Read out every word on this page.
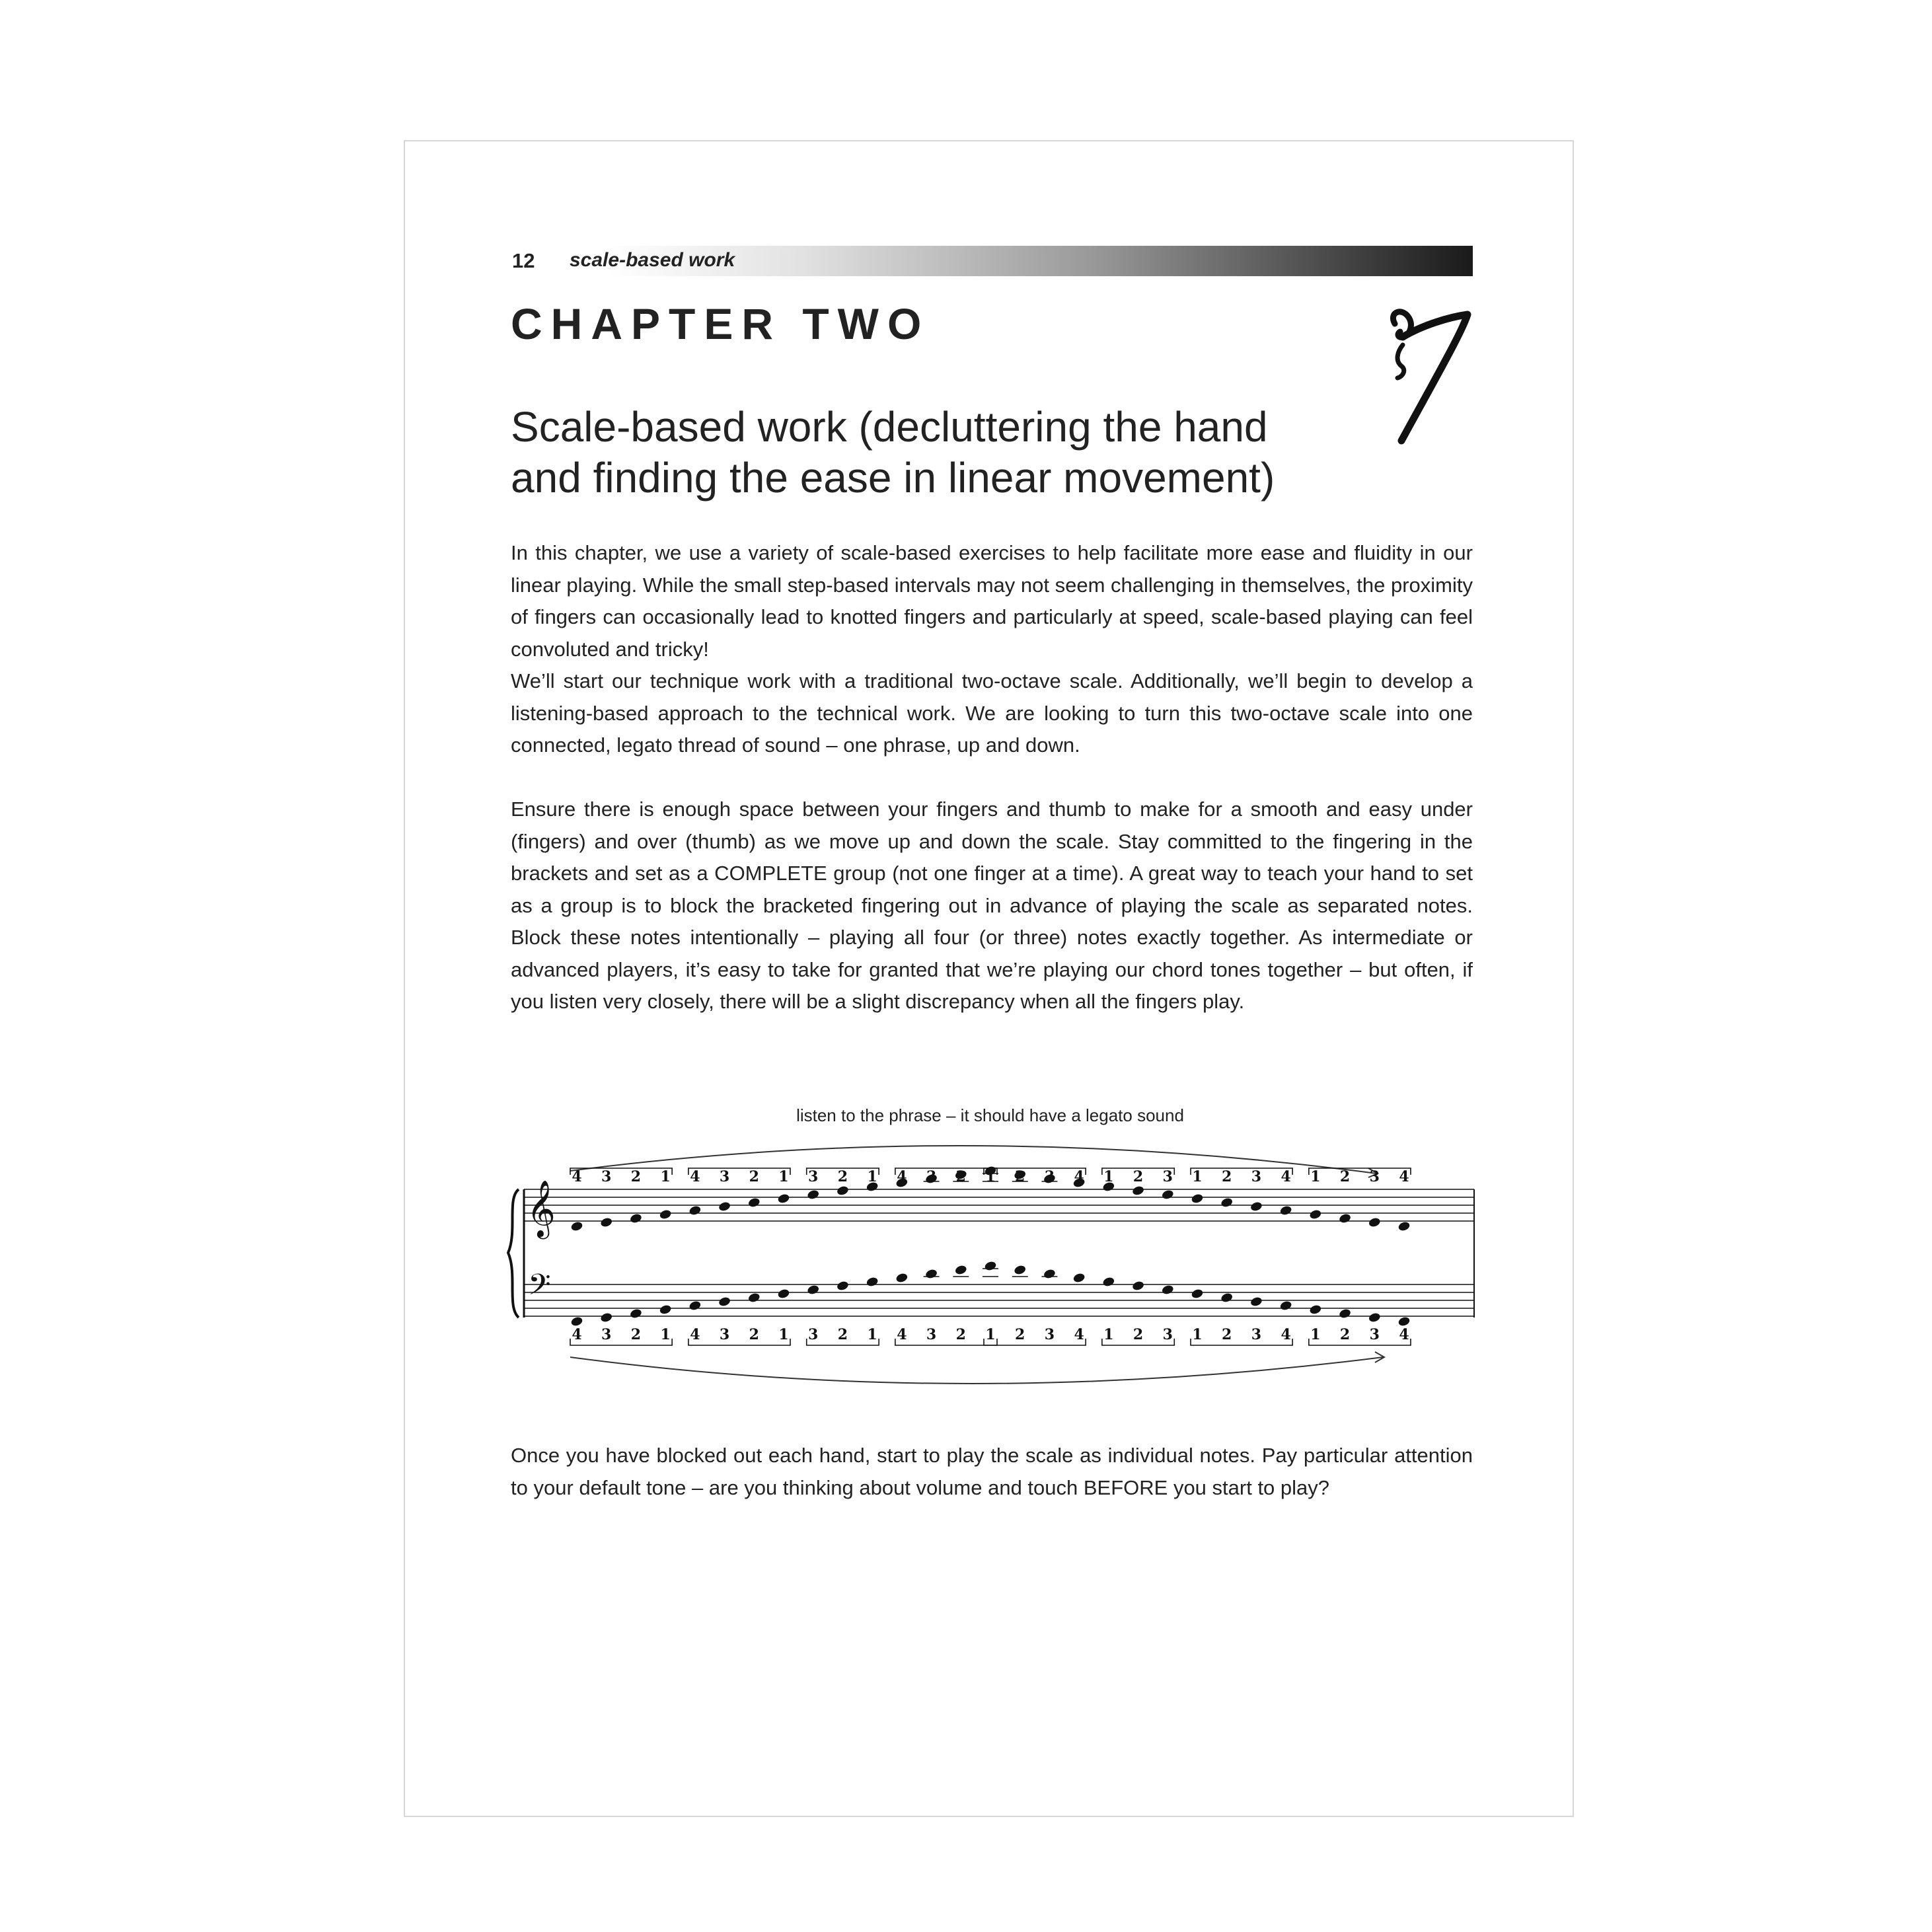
12 scale-based work
CHAPTER TWO
Scale-based work (decluttering the hand
and finding the ease in linear movement)

In this chapter, we use a variety of scale-based exercises to help facilitate more ease and fluidity in our linear playing. While the small step-based intervals may not seem challenging in themselves, the proximity of fingers can occasionally lead to knotted fingers and particularly at speed, scale-based playing can feel convoluted and tricky!

We’ll start our technique work with a traditional two-octave scale. Additionally, we’ll begin to develop a listening-based approach to the technical work. We are looking to turn this two-octave scale into one connected, legato thread of sound – one phrase, up and down.

Ensure there is enough space between your fingers and thumb to make for a smooth and easy under (fingers) and over (thumb) as we move up and down the scale. Stay committed to the fingering in the brackets and set as a COMPLETE group (not one finger at a time). A great way to teach your hand to set as a group is to block the bracketed fingering out in advance of playing the scale as separated notes. Block these notes intentionally – playing all four (or three) notes exactly together. As intermediate or advanced players, it’s easy to take for granted that we’re playing our chord tones together – but often, if you listen very closely, there will be a slight discrepancy when all the fingers play.

listen to the phrase – it should have a legato sound
𝄞
𝄢
4 3 2 1 4 3 2 1 3 2 1 4 3 2 1 2 3 4 1 2 3 1 2 3 4 1 2 3 4
4 3 2 1 4 3 2 1 3 2 1 4 3 2 1 2 3 4 1 2 3 1 2 3 4 1 2 3 4

Once you have blocked out each hand, start to play the scale as individual notes. Pay particular attention to your default tone – are you thinking about volume and touch BEFORE you start to play?
